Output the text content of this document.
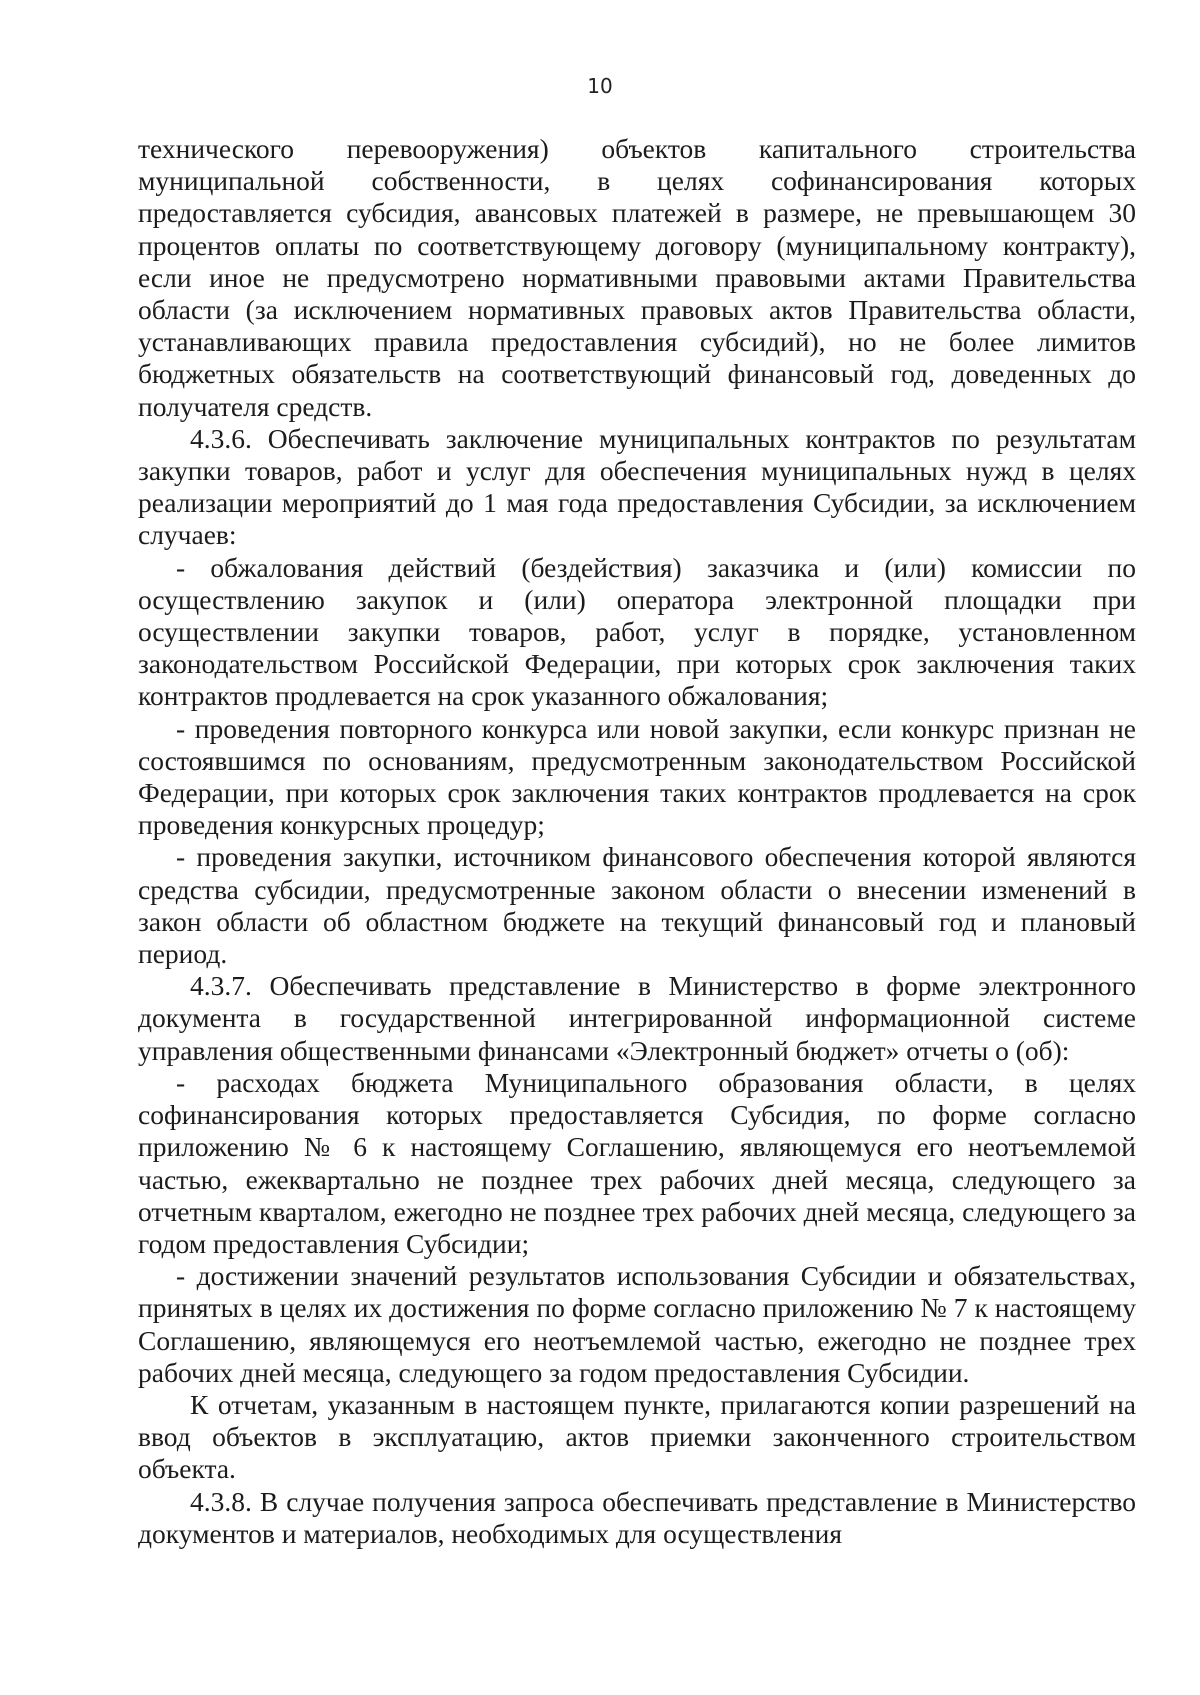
10

технического перевооружения) объектов капитального строительства муниципальной собственности, в целях софинансирования которых предоставляется субсидия, авансовых платежей в размере, не превышающем 30 процентов оплаты по соответствующему договору (муниципальному контракту), если иное не предусмотрено нормативными правовыми актами Правительства области (за исключением нормативных правовых актов Правительства области, устанавливающих правила предоставления субсидий), но не более лимитов бюджетных обязательств на соответствующий финансовый год, доведенных до получателя средств.

4.3.6. Обеспечивать заключение муниципальных контрактов по результатам закупки товаров, работ и услуг для обеспечения муниципальных нужд в целях реализации мероприятий до 1 мая года предоставления Субсидии, за исключением случаев:

- обжалования действий (бездействия) заказчика и (или) комиссии по осуществлению закупок и (или) оператора электронной площадки при осуществлении закупки товаров, работ, услуг в порядке, установленном законодательством Российской Федерации, при которых срок заключения таких контрактов продлевается на срок указанного обжалования;

- проведения повторного конкурса или новой закупки, если конкурс признан не состоявшимся по основаниям, предусмотренным законодательством Российской Федерации, при которых срок заключения таких контрактов продлевается на срок проведения конкурсных процедур;

- проведения закупки, источником финансового обеспечения которой являются средства субсидии, предусмотренные законом области о внесении изменений в закон области об областном бюджете на текущий финансовый год и плановый период.

4.3.7. Обеспечивать представление в Министерство в форме электронного документа в государственной интегрированной информационной системе управления общественными финансами «Электронный бюджет» отчеты о (об):

- расходах бюджета Муниципального образования области, в целях софинансирования которых предоставляется Субсидия, по форме согласно приложению № 6 к настоящему Соглашению, являющемуся его неотъемлемой частью, ежеквартально не позднее трех рабочих дней месяца, следующего за отчетным кварталом, ежегодно не позднее трех рабочих дней месяца, следующего за годом предоставления Субсидии;

- достижении значений результатов использования Субсидии и обязательствах, принятых в целях их достижения по форме согласно приложению № 7 к настоящему Соглашению, являющемуся его неотъемлемой частью, ежегодно не позднее трех рабочих дней месяца, следующего за годом предоставления Субсидии.

К отчетам, указанным в настоящем пункте, прилагаются копии разрешений на ввод объектов в эксплуатацию, актов приемки законченного строительством объекта.

4.3.8. В случае получения запроса обеспечивать представление в Министерство документов и материалов, необходимых для осуществления
